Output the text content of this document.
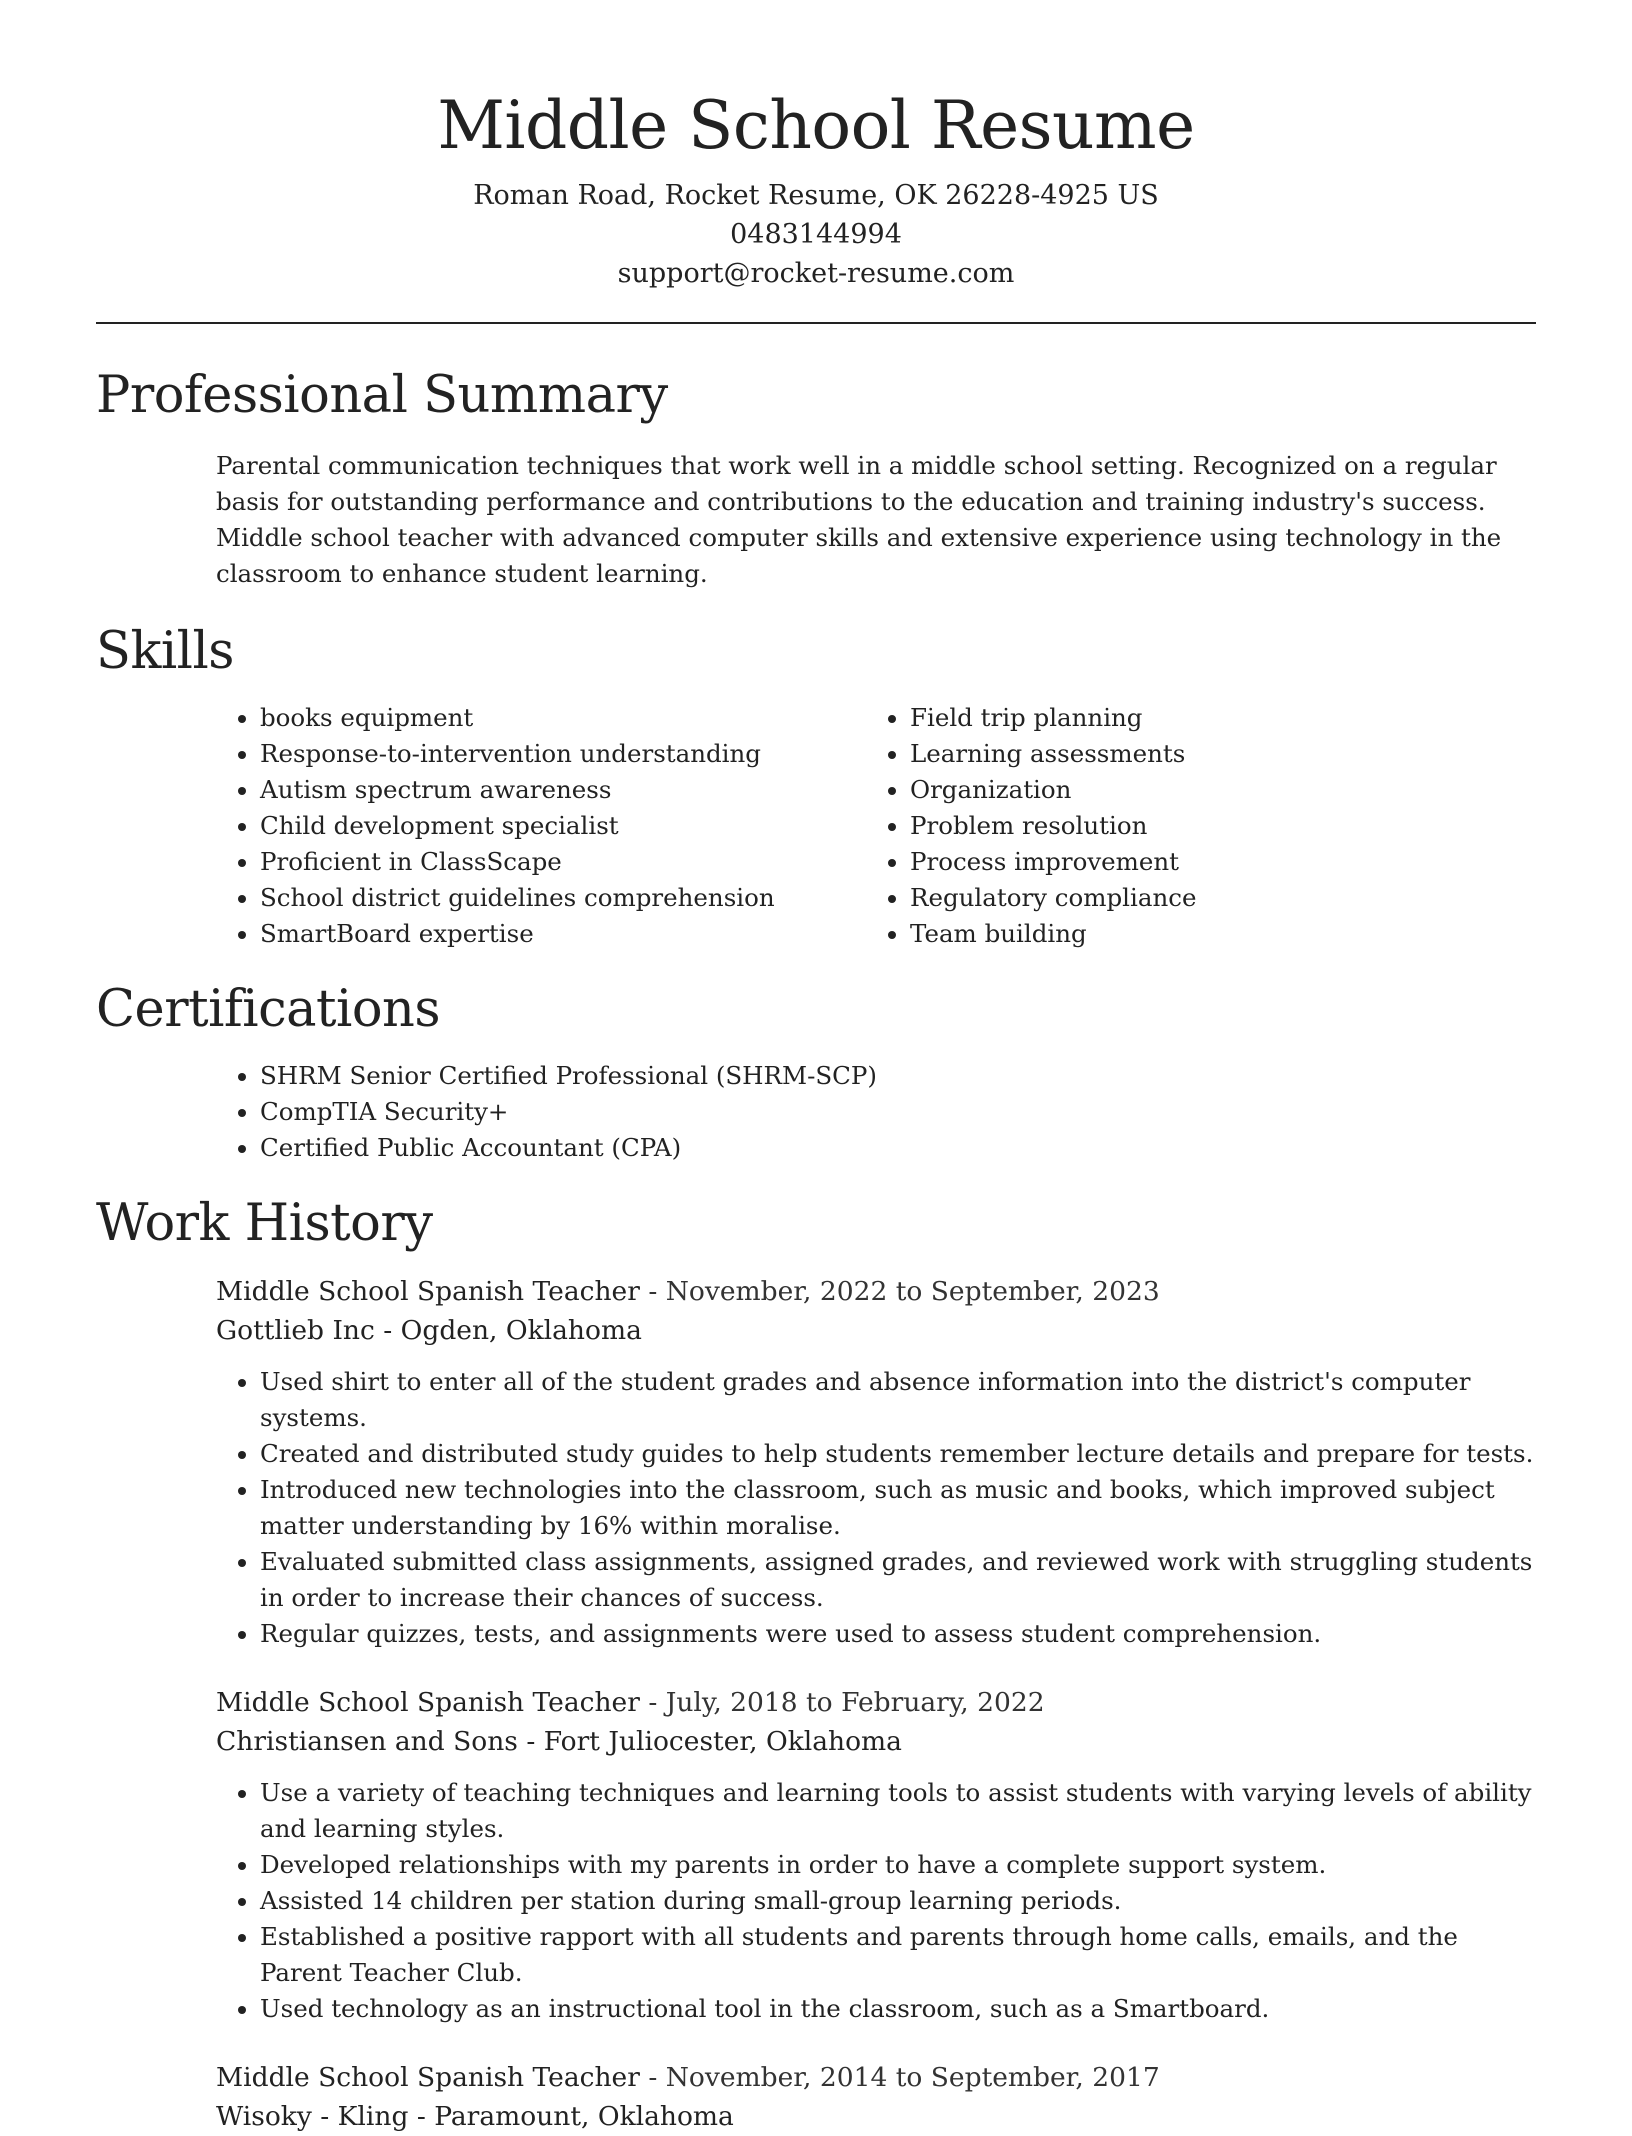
Middle School Resume
Roman Road, Rocket Resume, OK 26228-4925 US
0483144994
support@rocket-resume.com
Professional Summary

Parental communication techniques that work well in a middle school setting. Recognized on a regular basis for outstanding performance and contributions to the education and training industry's success. Middle school teacher with advanced computer skills and extensive experience using technology in the classroom to enhance student learning.

Skills
• books equipment
• Response-to-intervention understanding
• Autism spectrum awareness
• Child development specialist
• Proficient in ClassScape
• School district guidelines comprehension
• SmartBoard expertise
• Field trip planning
• Learning assessments
• Organization
• Problem resolution
• Process improvement
• Regulatory compliance
• Team building
Certifications
• SHRM Senior Certified Professional (SHRM-SCP)
• CompTIA Security+
• Certified Public Accountant (CPA)
Work History

Middle School Spanish Teacher - November, 2022 to September, 2023

Gottlieb Inc - Ogden, Oklahoma

• Used shirt to enter all of the student grades and absence information into the district's computer systems.
• Created and distributed study guides to help students remember lecture details and prepare for tests.
• Introduced new technologies into the classroom, such as music and books, which improved subject matter understanding by 16% within moralise.
• Evaluated submitted class assignments, assigned grades, and reviewed work with struggling students in order to increase their chances of success.
• Regular quizzes, tests, and assignments were used to assess student comprehension.

Middle School Spanish Teacher - July, 2018 to February, 2022

Christiansen and Sons - Fort Juliocester, Oklahoma

• Use a variety of teaching techniques and learning tools to assist students with varying levels of ability and learning styles.
• Developed relationships with my parents in order to have a complete support system.
• Assisted 14 children per station during small-group learning periods.
• Established a positive rapport with all students and parents through home calls, emails, and the Parent Teacher Club.
• Used technology as an instructional tool in the classroom, such as a Smartboard.

Middle School Spanish Teacher - November, 2014 to September, 2017

Wisoky - Kling - Paramount, Oklahoma
